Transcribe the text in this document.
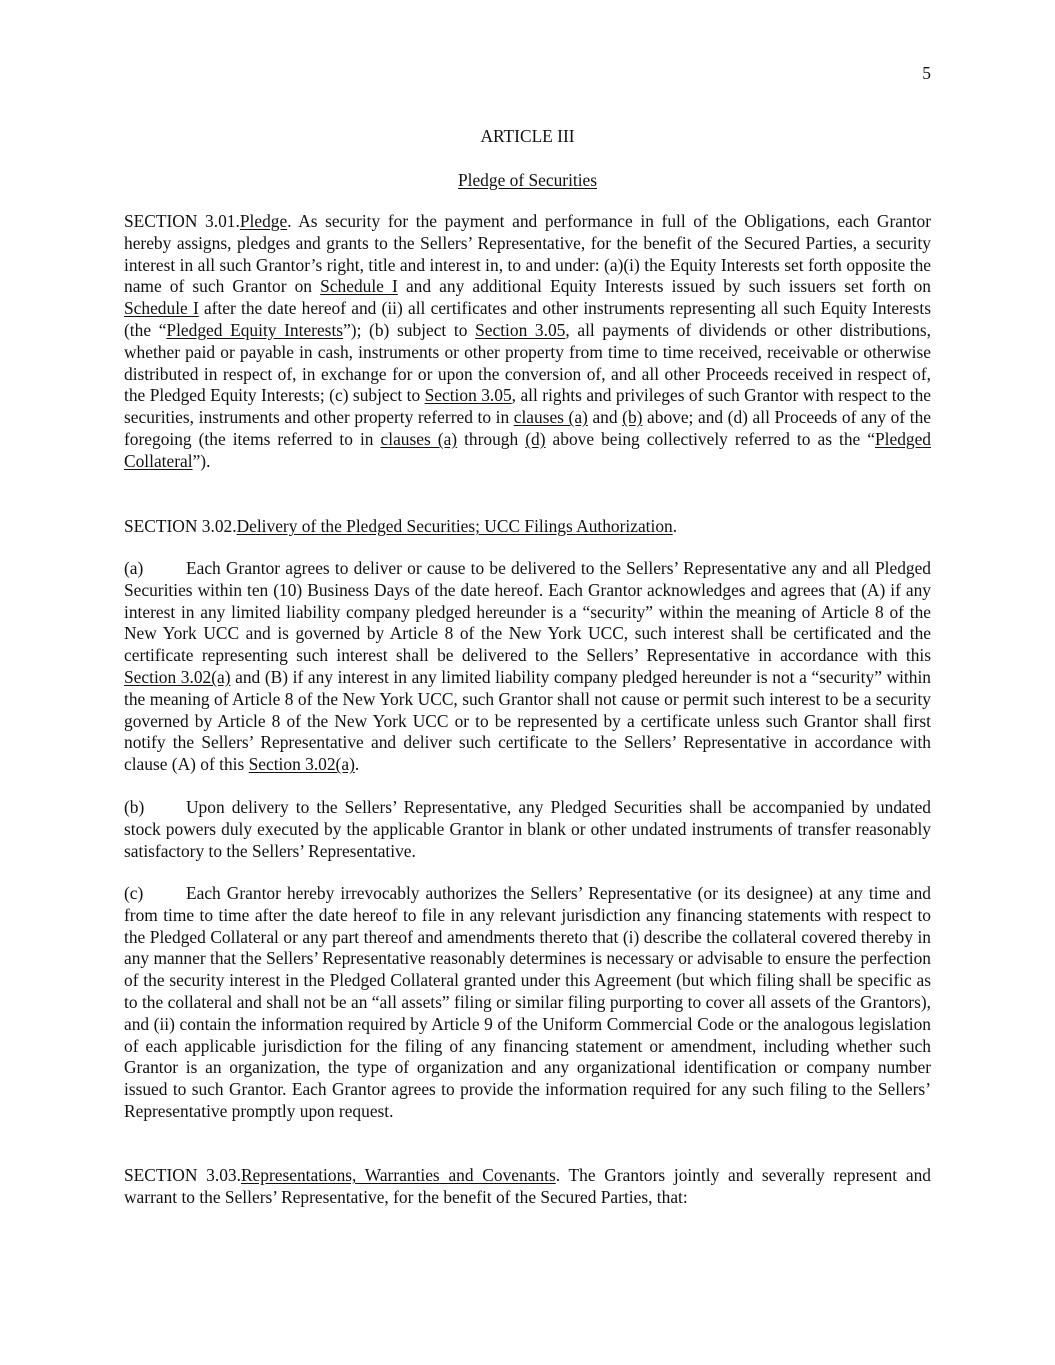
5
ARTICLE III
Pledge of Securities

SECTION 3.01.Pledge. As security for the payment and performance in full of the Obligations, each Grantor hereby assigns, pledges and grants to the Sellers’ Representative, for the benefit of the Secured Parties, a security interest in all such Grantor’s right, title and interest in, to and under: (a)(i) the Equity Interests set forth opposite the name of such Grantor on Schedule I and any additional Equity Interests issued by such issuers set forth on Schedule I after the date hereof and (ii) all certificates and other instruments representing all such Equity Interests (the “Pledged Equity Interests”); (b) subject to Section 3.05, all payments of dividends or other distributions, whether paid or payable in cash, instruments or other property from time to time received, receivable or otherwise distributed in respect of, in exchange for or upon the conversion of, and all other Proceeds received in respect of, the Pledged Equity Interests; (c) subject to Section 3.05, all rights and privileges of such Grantor with respect to the securities, instruments and other property referred to in clauses (a) and (b) above; and (d) all Proceeds of any of the foregoing (the items referred to in clauses (a) through (d) above being collectively referred to as the “Pledged Collateral”).

SECTION 3.02.Delivery of the Pledged Securities; UCC Filings Authorization.

(a) Each Grantor agrees to deliver or cause to be delivered to the Sellers’ Representative any and all Pledged Securities within ten (10) Business Days of the date hereof. Each Grantor acknowledges and agrees that (A) if any interest in any limited liability company pledged hereunder is a “security” within the meaning of Article 8 of the New York UCC and is governed by Article 8 of the New York UCC, such interest shall be certificated and the certificate representing such interest shall be delivered to the Sellers’ Representative in accordance with this Section 3.02(a) and (B) if any interest in any limited liability company pledged hereunder is not a “security” within the meaning of Article 8 of the New York UCC, such Grantor shall not cause or permit such interest to be a security governed by Article 8 of the New York UCC or to be represented by a certificate unless such Grantor shall first notify the Sellers’ Representative and deliver such certificate to the Sellers’ Representative in accordance with clause (A) of this Section 3.02(a).

(b) Upon delivery to the Sellers’ Representative, any Pledged Securities shall be accompanied by undated stock powers duly executed by the applicable Grantor in blank or other undated instruments of transfer reasonably satisfactory to the Sellers’ Representative.

(c) Each Grantor hereby irrevocably authorizes the Sellers’ Representative (or its designee) at any time and from time to time after the date hereof to file in any relevant jurisdiction any financing statements with respect to the Pledged Collateral or any part thereof and amendments thereto that (i) describe the collateral covered thereby in any manner that the Sellers’ Representative reasonably determines is necessary or advisable to ensure the perfection of the security interest in the Pledged Collateral granted under this Agreement (but which filing shall be specific as to the collateral and shall not be an “all assets” filing or similar filing purporting to cover all assets of the Grantors), and (ii) contain the information required by Article 9 of the Uniform Commercial Code or the analogous legislation of each applicable jurisdiction for the filing of any financing statement or amendment, including whether such Grantor is an organization, the type of organization and any organizational identification or company number issued to such Grantor. Each Grantor agrees to provide the information required for any such filing to the Sellers’ Representative promptly upon request.

SECTION 3.03.Representations, Warranties and Covenants. The Grantors jointly and severally represent and warrant to the Sellers’ Representative, for the benefit of the Secured Parties, that:
